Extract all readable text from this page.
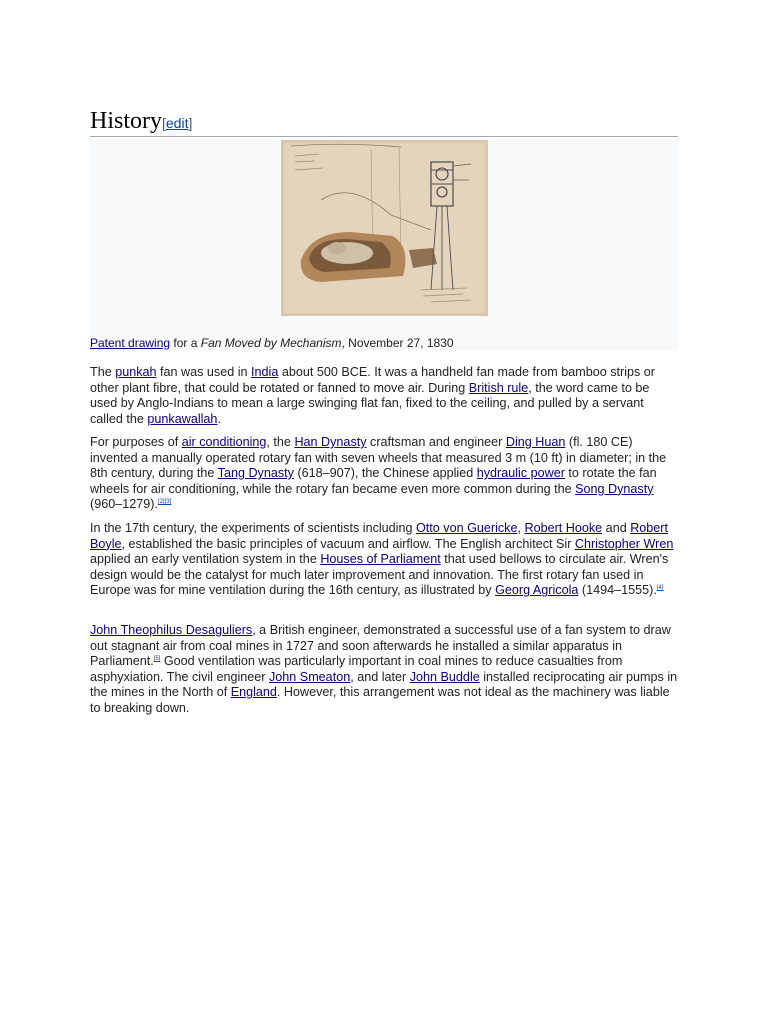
History[edit]
Patent drawing for a Fan Moved by Mechanism, November 27, 1830

The punkah fan was used in India about 500 BCE. It was a handheld fan made from bamboo strips or other plant fibre, that could be rotated or fanned to move air. During British rule, the word came to be used by Anglo-Indians to mean a large swinging flat fan, fixed to the ceiling, and pulled by a servant called the punkawallah.

For purposes of air conditioning, the Han Dynasty craftsman and engineer Ding Huan (fl. 180 CE) invented a manually operated rotary fan with seven wheels that measured 3 m (10 ft) in diameter; in the 8th century, during the Tang Dynasty (618–907), the Chinese applied hydraulic power to rotate the fan wheels for air conditioning, while the rotary fan became even more common during the Song Dynasty (960–1279).[2][3]

In the 17th century, the experiments of scientists including Otto von Guericke, Robert Hooke and Robert Boyle, established the basic principles of vacuum and airflow. The English architect Sir Christopher Wren applied an early ventilation system in the Houses of Parliament that used bellows to circulate air. Wren's design would be the catalyst for much later improvement and innovation. The first rotary fan used in Europe was for mine ventilation during the 16th century, as illustrated by Georg Agricola (1494–1555).[4]

John Theophilus Desaguliers, a British engineer, demonstrated a successful use of a fan system to draw out stagnant air from coal mines in 1727 and soon afterwards he installed a similar apparatus in Parliament.[5] Good ventilation was particularly important in coal mines to reduce casualties from asphyxiation. The civil engineer John Smeaton, and later John Buddle installed reciprocating air pumps in the mines in the North of England. However, this arrangement was not ideal as the machinery was liable to breaking down.
